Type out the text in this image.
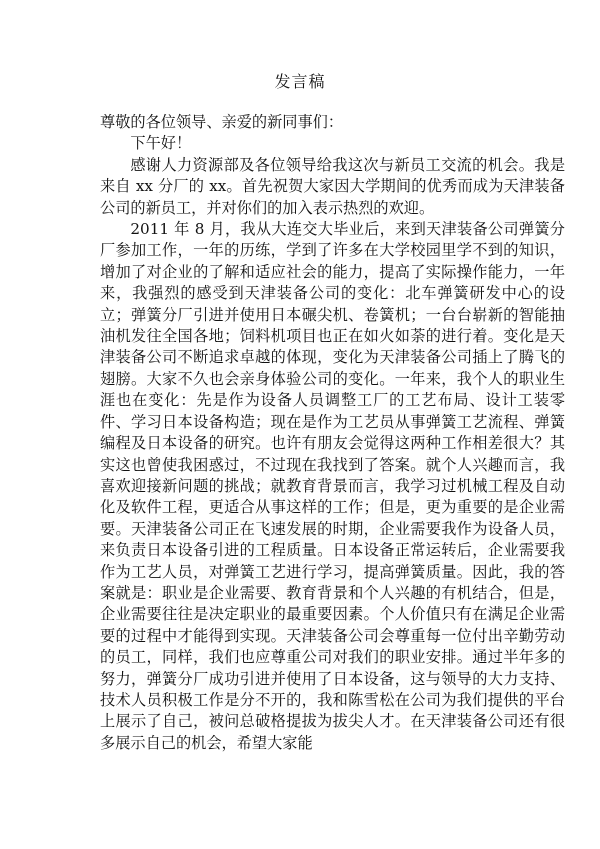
发言稿

尊敬的各位领导、亲爱的新同事们：

下午好！

感谢人力资源部及各位领导给我这次与新员工交流的机会。我是来自 xx 分厂的 xx。首先祝贺大家因大学期间的优秀而成为天津装备公司的新员工，并对你们的加入表示热烈的欢迎。

2011 年 8 月，我从大连交大毕业后，来到天津装备公司弹簧分厂参加工作，一年的历练，学到了许多在大学校园里学不到的知识，增加了对企业的了解和适应社会的能力，提高了实际操作能力，一年来，我强烈的感受到天津装备公司的变化：北车弹簧研发中心的设立；弹簧分厂引进并使用日本碾尖机、卷簧机；一台台崭新的智能抽油机发往全国各地；饲料机项目也正在如火如荼的进行着。变化是天津装备公司不断追求卓越的体现，变化为天津装备公司插上了腾飞的翅膀。大家不久也会亲身体验公司的变化。一年来，我个人的职业生涯也在变化：先是作为设备人员调整工厂的工艺布局、设计工装零件、学习日本设备构造；现在是作为工艺员从事弹簧工艺流程、弹簧编程及日本设备的研究。也许有朋友会觉得这两种工作相差很大？其实这也曾使我困惑过，不过现在我找到了答案。就个人兴趣而言，我喜欢迎接新问题的挑战；就教育背景而言，我学习过机械工程及自动化及软件工程，更适合从事这样的工作；但是，更为重要的是企业需要。天津装备公司正在飞速发展的时期，企业需要我作为设备人员，来负责日本设备引进的工程质量。日本设备正常运转后，企业需要我作为工艺人员，对弹簧工艺进行学习，提高弹簧质量。因此，我的答案就是：职业是企业需要、教育背景和个人兴趣的有机结合，但是，企业需要往往是决定职业的最重要因素。个人价值只有在满足企业需要的过程中才能得到实现。天津装备公司会尊重每一位付出辛勤劳动的员工，同样，我们也应尊重公司对我们的职业安排。通过半年多的努力，弹簧分厂成功引进并使用了日本设备，这与领导的大力支持、技术人员积极工作是分不开的，我和陈雪松在公司为我们提供的平台上展示了自己，被问总破格提拔为拔尖人才。在天津装备公司还有很多展示自己的机会，希望大家能
